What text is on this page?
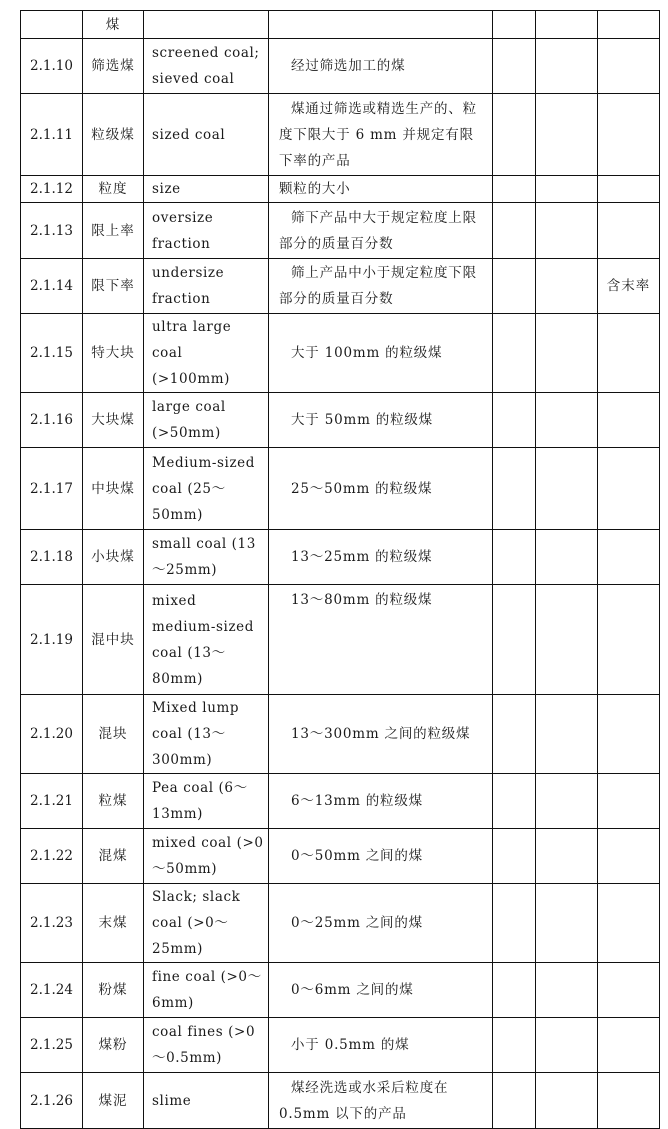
	煤					
2.1.10	筛选煤	screened coal; sieved coal	经过筛选加工的煤			

2.1.11	粒级煤	sized coal	煤通过筛选或精选生产的、粒度下限大于 6 mm 并规定有限下率的产品			

2.1.12	粒度	size	颗粒的大小			
2.1.13	限上率	oversize fraction	筛下产品中大于规定粒度上限部分的质量百分数			

2.1.14	限下率	undersize fraction	筛上产品中小于规定粒度下限部分的质量百分数			含末率
2.1.15	特大块	ultra large coal (>100mm)	大于 100mm 的粒级煤			

2.1.16	大块煤	large coal (>50mm)	大于 50mm 的粒级煤			

2.1.17	中块煤	Medium-sized coal (25～50mm)	25～50mm 的粒级煤			

2.1.18	小块煤	small coal (13～25mm)	13～25mm 的粒级煤			

2.1.19	混中块	mixed medium-sized coal (13～80mm)	13～80mm 的粒级煤			

2.1.20	混块	Mixed lump coal (13～300mm)	13～300mm 之间的粒级煤			

2.1.21	粒煤	Pea coal (6～13mm)	6～13mm 的粒级煤			

2.1.22	混煤	mixed coal (>0～50mm)	0～50mm 之间的煤			

2.1.23	末煤	Slack; slack coal (>0～25mm)	0～25mm 之间的煤			

2.1.24	粉煤	fine coal (>0～6mm)	0～6mm 之间的煤			

2.1.25	煤粉	coal fines (>0～0.5mm)	小于 0.5mm 的煤			

2.1.26	煤泥	slime	煤经洗选或水采后粒度在 0.5mm 以下的产品			
